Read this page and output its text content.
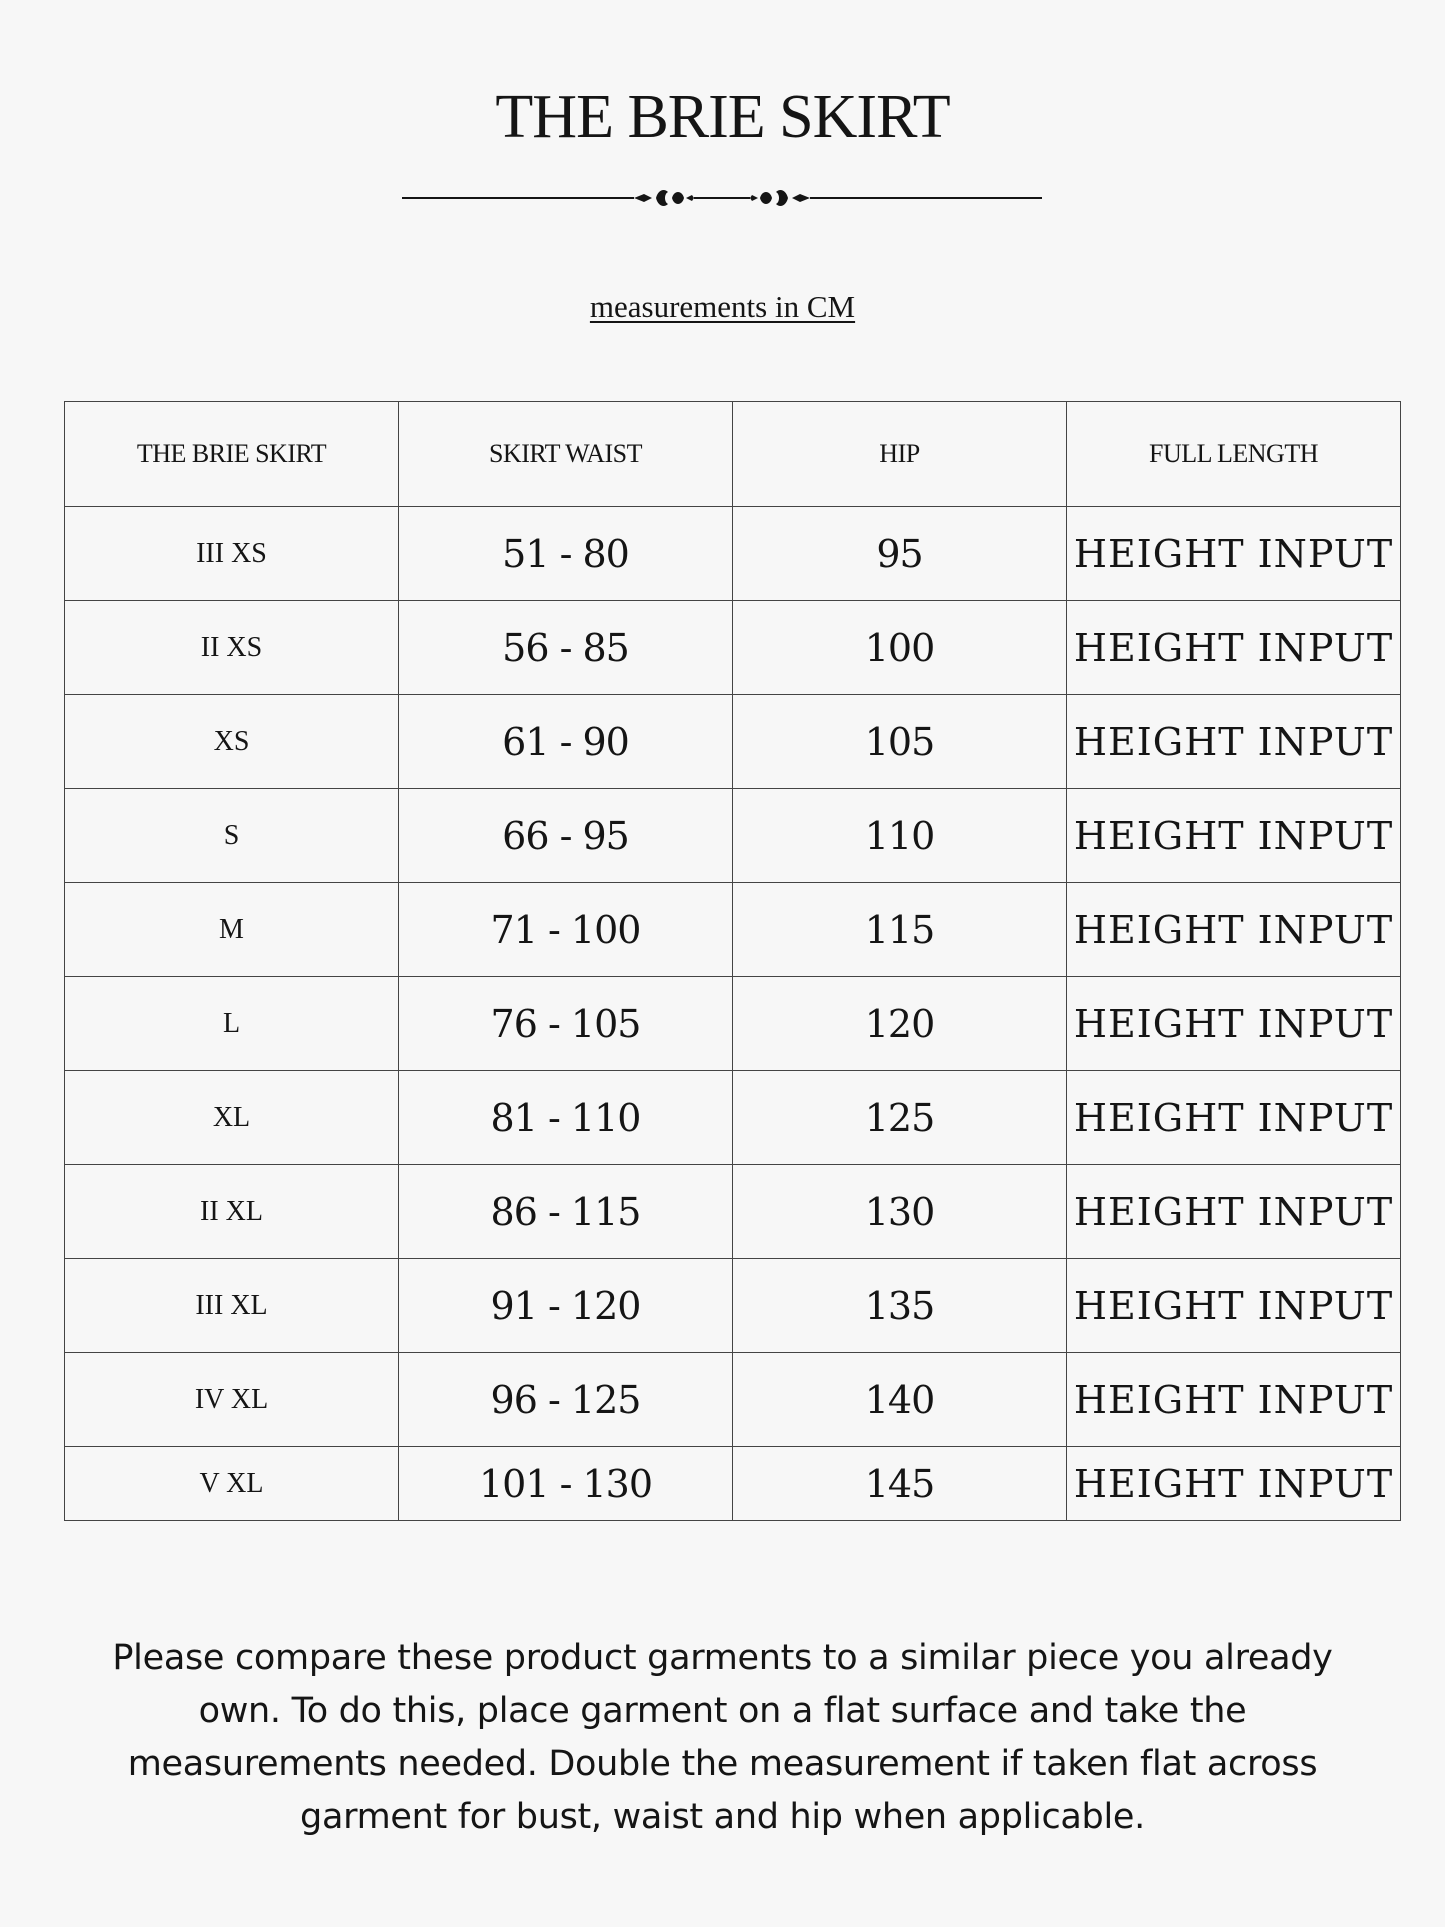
THE BRIE SKIRT
measurements in CM
THE BRIE SKIRT	SKIRT WAIST	HIP	FULL LENGTH
III XS	51 - 80	95	HEIGHT INPUT
II XS	56 - 85	100	HEIGHT INPUT
XS	61 - 90	105	HEIGHT INPUT
S	66 - 95	110	HEIGHT INPUT
M	71 - 100	115	HEIGHT INPUT
L	76 - 105	120	HEIGHT INPUT
XL	81 - 110	125	HEIGHT INPUT
II XL	86 - 115	130	HEIGHT INPUT
III XL	91 - 120	135	HEIGHT INPUT
IV XL	96 - 125	140	HEIGHT INPUT
V XL	101 - 130	145	HEIGHT INPUT

Please compare these product garments to a similar piece you already
own. To do this, place garment on a flat surface and take the
measurements needed. Double the measurement if taken flat across
garment for bust, waist and hip when applicable.
